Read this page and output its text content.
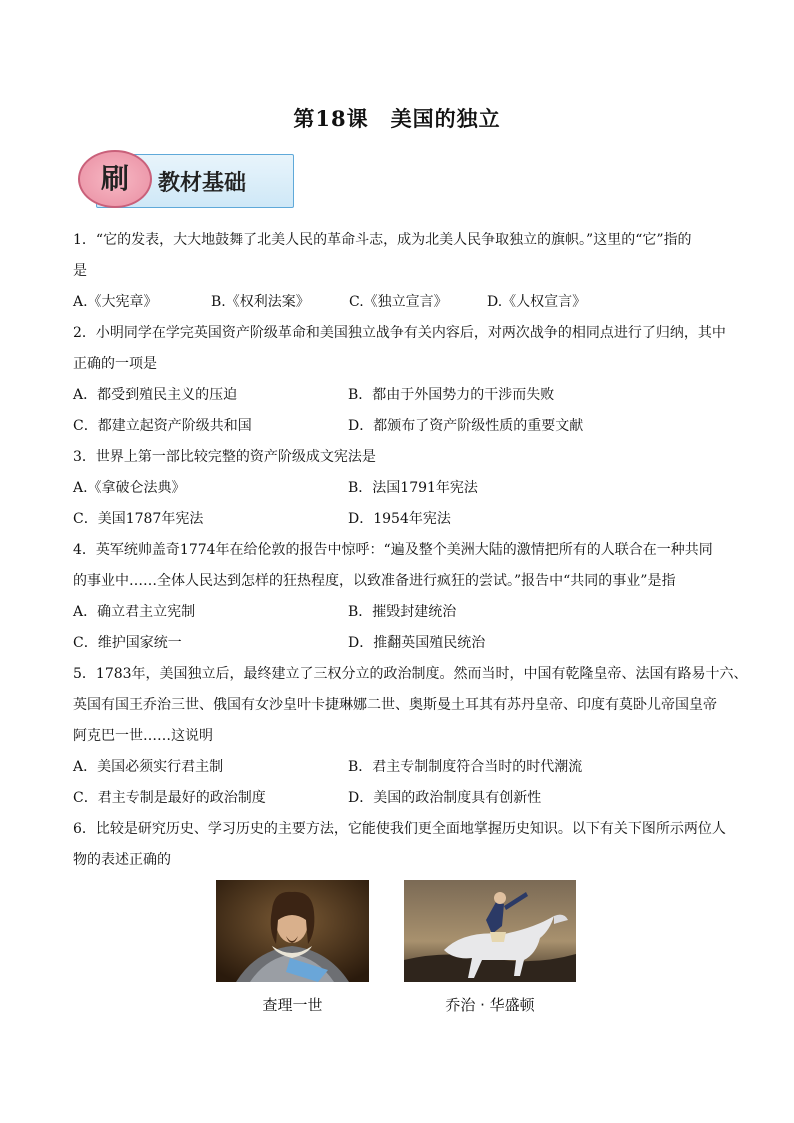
第18课　美国的独立
刷	教材基础
1．“它的发表，大大地鼓舞了北美人民的革命斗志，成为北美人民争取独立的旗帜。”这里的“它”指的
是
A.《大宪章》	B.《权利法案》	C.《独立宣言》	D.《人权宣言》
2．小明同学在学完英国资产阶级革命和美国独立战争有关内容后，对两次战争的相同点进行了归纳，其中
正确的一项是
A．都受到殖民主义的压迫	B．都由于外国势力的干涉而失败
C．都建立起资产阶级共和国	D．都颁布了资产阶级性质的重要文献
3．世界上第一部比较完整的资产阶级成文宪法是
A.《拿破仑法典》	B．法国1791年宪法
C．美国1787年宪法	D．1954年宪法
4．英军统帅盖奇1774年在给伦敦的报告中惊呼：“遍及整个美洲大陆的激情把所有的人联合在一种共同
的事业中……全体人民达到怎样的狂热程度，以致准备进行疯狂的尝试。”报告中“共同的事业”是指
A．确立君主立宪制	B．摧毁封建统治
C．维护国家统一	D．推翻英国殖民统治
5．1783年，美国独立后，最终建立了三权分立的政治制度。然而当时，中国有乾隆皇帝、法国有路易十六、
英国有国王乔治三世、俄国有女沙皇叶卡捷琳娜二世、奥斯曼土耳其有苏丹皇帝、印度有莫卧儿帝国皇帝
阿克巴一世……这说明
A．美国必须实行君主制	B．君主专制制度符合当时的时代潮流
C．君主专制是最好的政治制度	D．美国的政治制度具有创新性
6．比较是研究历史、学习历史的主要方法，它能使我们更全面地掌握历史知识。以下有关下图所示两位人
物的表述正确的
查理一世	乔治 · 华盛顿
